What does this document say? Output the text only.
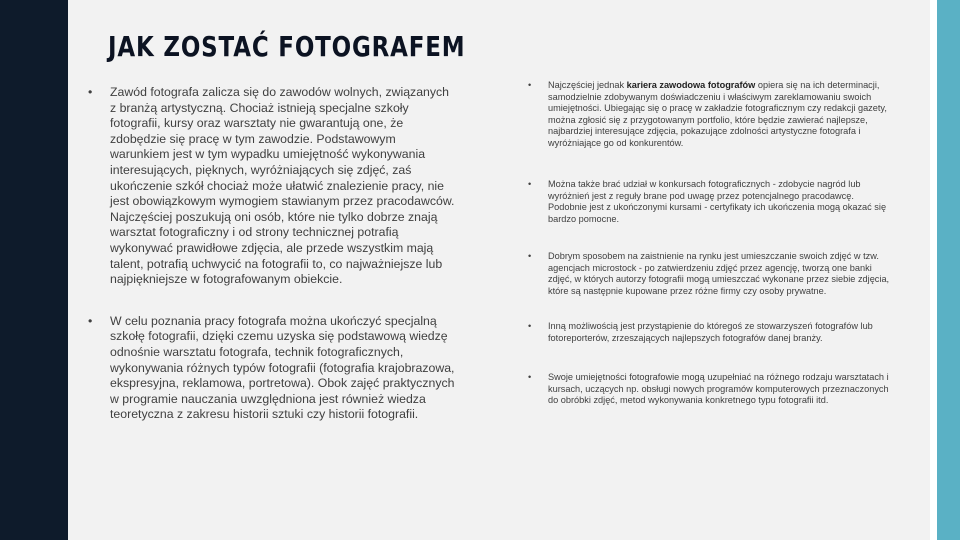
JAK ZOSTAĆ FOTOGRAFEM
• Zawód fotografa zalicza się do zawodów wolnych, związanych z branżą artystyczną. Chociaż istnieją specjalne szkoły fotografii, kursy oraz warsztaty nie gwarantują one, że zdobędzie się pracę w tym zawodzie. Podstawowym warunkiem jest w tym wypadku umiejętność wykonywania interesujących, pięknych, wyróżniających się zdjęć, zaś ukończenie szkół chociaż może ułatwić znalezienie pracy, nie jest obowiązkowym wymogiem stawianym przez pracodawców. Najczęściej poszukują oni osób, które nie tylko dobrze znają warsztat fotograficzny i od strony technicznej potrafią wykonywać prawidłowe zdjęcia, ale przede wszystkim mają talent, potrafią uchwycić na fotografii to, co najważniejsze lub najpiękniejsze w fotografowanym obiekcie.
• W celu poznania pracy fotografa można ukończyć specjalną szkołę fotografii, dzięki czemu uzyska się podstawową wiedzę odnośnie warsztatu fotografa, technik fotograficznych, wykonywania różnych typów fotografii (fotografia krajobrazowa, ekspresyjna, reklamowa, portretowa). Obok zajęć praktycznych w programie nauczania uwzględniona jest również wiedza teoretyczna z zakresu historii sztuki czy historii fotografii.
• Najczęściej jednak kariera zawodowa fotografów opiera się na ich determinacji, samodzielnie zdobywanym doświadczeniu i właściwym zareklamowaniu swoich umiejętności. Ubiegając się o pracę w zakładzie fotograficznym czy redakcji gazety, można zgłosić się z przygotowanym portfolio, które będzie zawierać najlepsze, najbardziej interesujące zdjęcia, pokazujące zdolności artystyczne fotografa i wyróżniające go od konkurentów.
• Można także brać udział w konkursach fotograficznych - zdobycie nagród lub wyróżnień jest z reguły brane pod uwagę przez potencjalnego pracodawcę. Podobnie jest z ukończonymi kursami - certyfikaty ich ukończenia mogą okazać się bardzo pomocne.
• Dobrym sposobem na zaistnienie na rynku jest umieszczanie swoich zdjęć w tzw. agencjach microstock - po zatwierdzeniu zdjęć przez agencję, tworzą one banki zdjęć, w których autorzy fotografii mogą umieszczać wykonane przez siebie zdjęcia, które są następnie kupowane przez różne firmy czy osoby prywatne.
• Inną możliwością jest przystąpienie do któregoś ze stowarzyszeń fotografów lub fotoreporterów, zrzeszających najlepszych fotografów danej branży.
• Swoje umiejętności fotografowie mogą uzupełniać na różnego rodzaju warsztatach i kursach, uczących np. obsługi nowych programów komputerowych przeznaczonych do obróbki zdjęć, metod wykonywania konkretnego typu fotografii itd.
